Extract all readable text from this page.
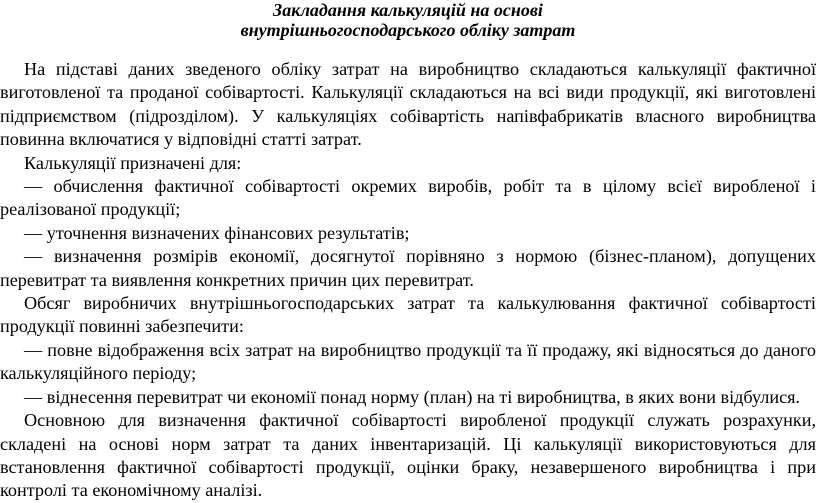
Закладання калькуляцій на основі

внутрішньогосподарського обліку затрат

На підставі даних зведеного обліку затрат на виробництво складаються калькуляції фактичної виготовленої та проданої собівартості. Калькуляції складаються на всі види продукції, які виготовлені підприємством (підрозділом). У калькуляціях собівартість напівфабрикатів власного виробництва повинна включатися у відповідні статті затрат.

Калькуляції призначені для:

— обчислення фактичної собівартості окремих виробів, робіт та в цілому всієї виробленої і реалізованої продукції;

— уточнення визначених фінансових результатів;

— визначення розмірів економії, досягнутої порівняно з нормою (бізнес-планом), допущених перевитрат та виявлення конкретних причин цих перевитрат.

Обсяг виробничих внутрішньогосподарських затрат та калькулювання фактичної собівартості продукції повинні забезпечити:

— повне відображення всіх затрат на виробництво продукції та її продажу, які відносяться до даного калькуляційного періоду;

— віднесення перевитрат чи економії понад норму (план) на ті виробництва, в яких вони відбулися.

Основною для визначення фактичної собівартості виробленої продукції служать розрахунки, складені на основі норм затрат та даних інвентаризацій. Ці калькуляції використовуються для встановлення фактичної собівартості продукції, оцінки браку, незавершеного виробництва і при контролі та економічному аналізі.
